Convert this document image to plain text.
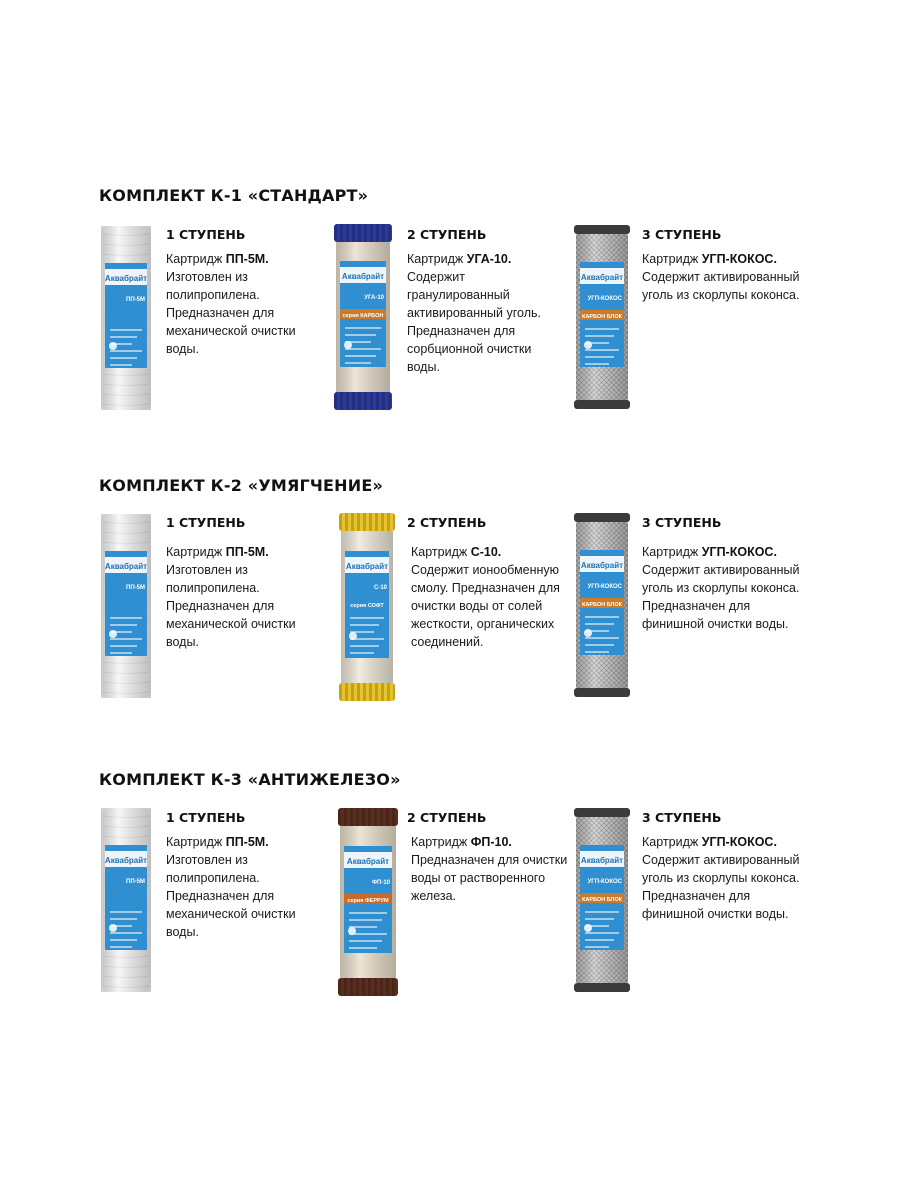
КОМПЛЕКТ К-1 «СТАНДАРТ»
Аквабрайт
ПП-5М
1 СТУПЕНЬ
Картридж ПП-5М.
Изготовлен из полипропилена. Предназначен для механической очистки воды.
Аквабрайт
УГА-10
серия КАРБОН
2 СТУПЕНЬ
Картридж УГА-10.
Содержит гранулированный активированный уголь. Предназначен для сорбционной очистки воды.
Аквабрайт
УГП-КОКОС
КАРБОН БЛОК
3 СТУПЕНЬ
Картридж УГП-КОКОС.
Содержит активированный уголь из скорлупы коконса.
КОМПЛЕКТ К-2 «УМЯГЧЕНИЕ»
Аквабрайт
ПП-5М
1 СТУПЕНЬ
Картридж ПП-5М.
Изготовлен из полипропилена. Предназначен для механической очистки воды.
Аквабрайт
С-10
серия СОФТ
2 СТУПЕНЬ
Картридж С-10.
Содержит ионообменную смолу. Предназначен для очистки воды от солей жесткости, органических соединений.
Аквабрайт
УГП-КОКОС
КАРБОН БЛОК
3 СТУПЕНЬ
Картридж УГП-КОКОС.
Содержит активированный уголь из скорлупы коконса. Предназначен для финишной очистки воды.
КОМПЛЕКТ К-3 «АНТИЖЕЛЕЗО»
Аквабрайт
ПП-5М
1 СТУПЕНЬ
Картридж ПП-5М.
Изготовлен из полипропилена. Предназначен для механической очистки воды.
Аквабрайт
ФП-10
серия ФЕРРУМ
2 СТУПЕНЬ
Картридж ФП-10.
Предназначен для очистки воды от растворенного железа.
Аквабрайт
УГП-КОКОС
КАРБОН БЛОК
3 СТУПЕНЬ
Картридж УГП-КОКОС.
Содержит активированный уголь из скорлупы коконса. Предназначен для финишной очистки воды.
